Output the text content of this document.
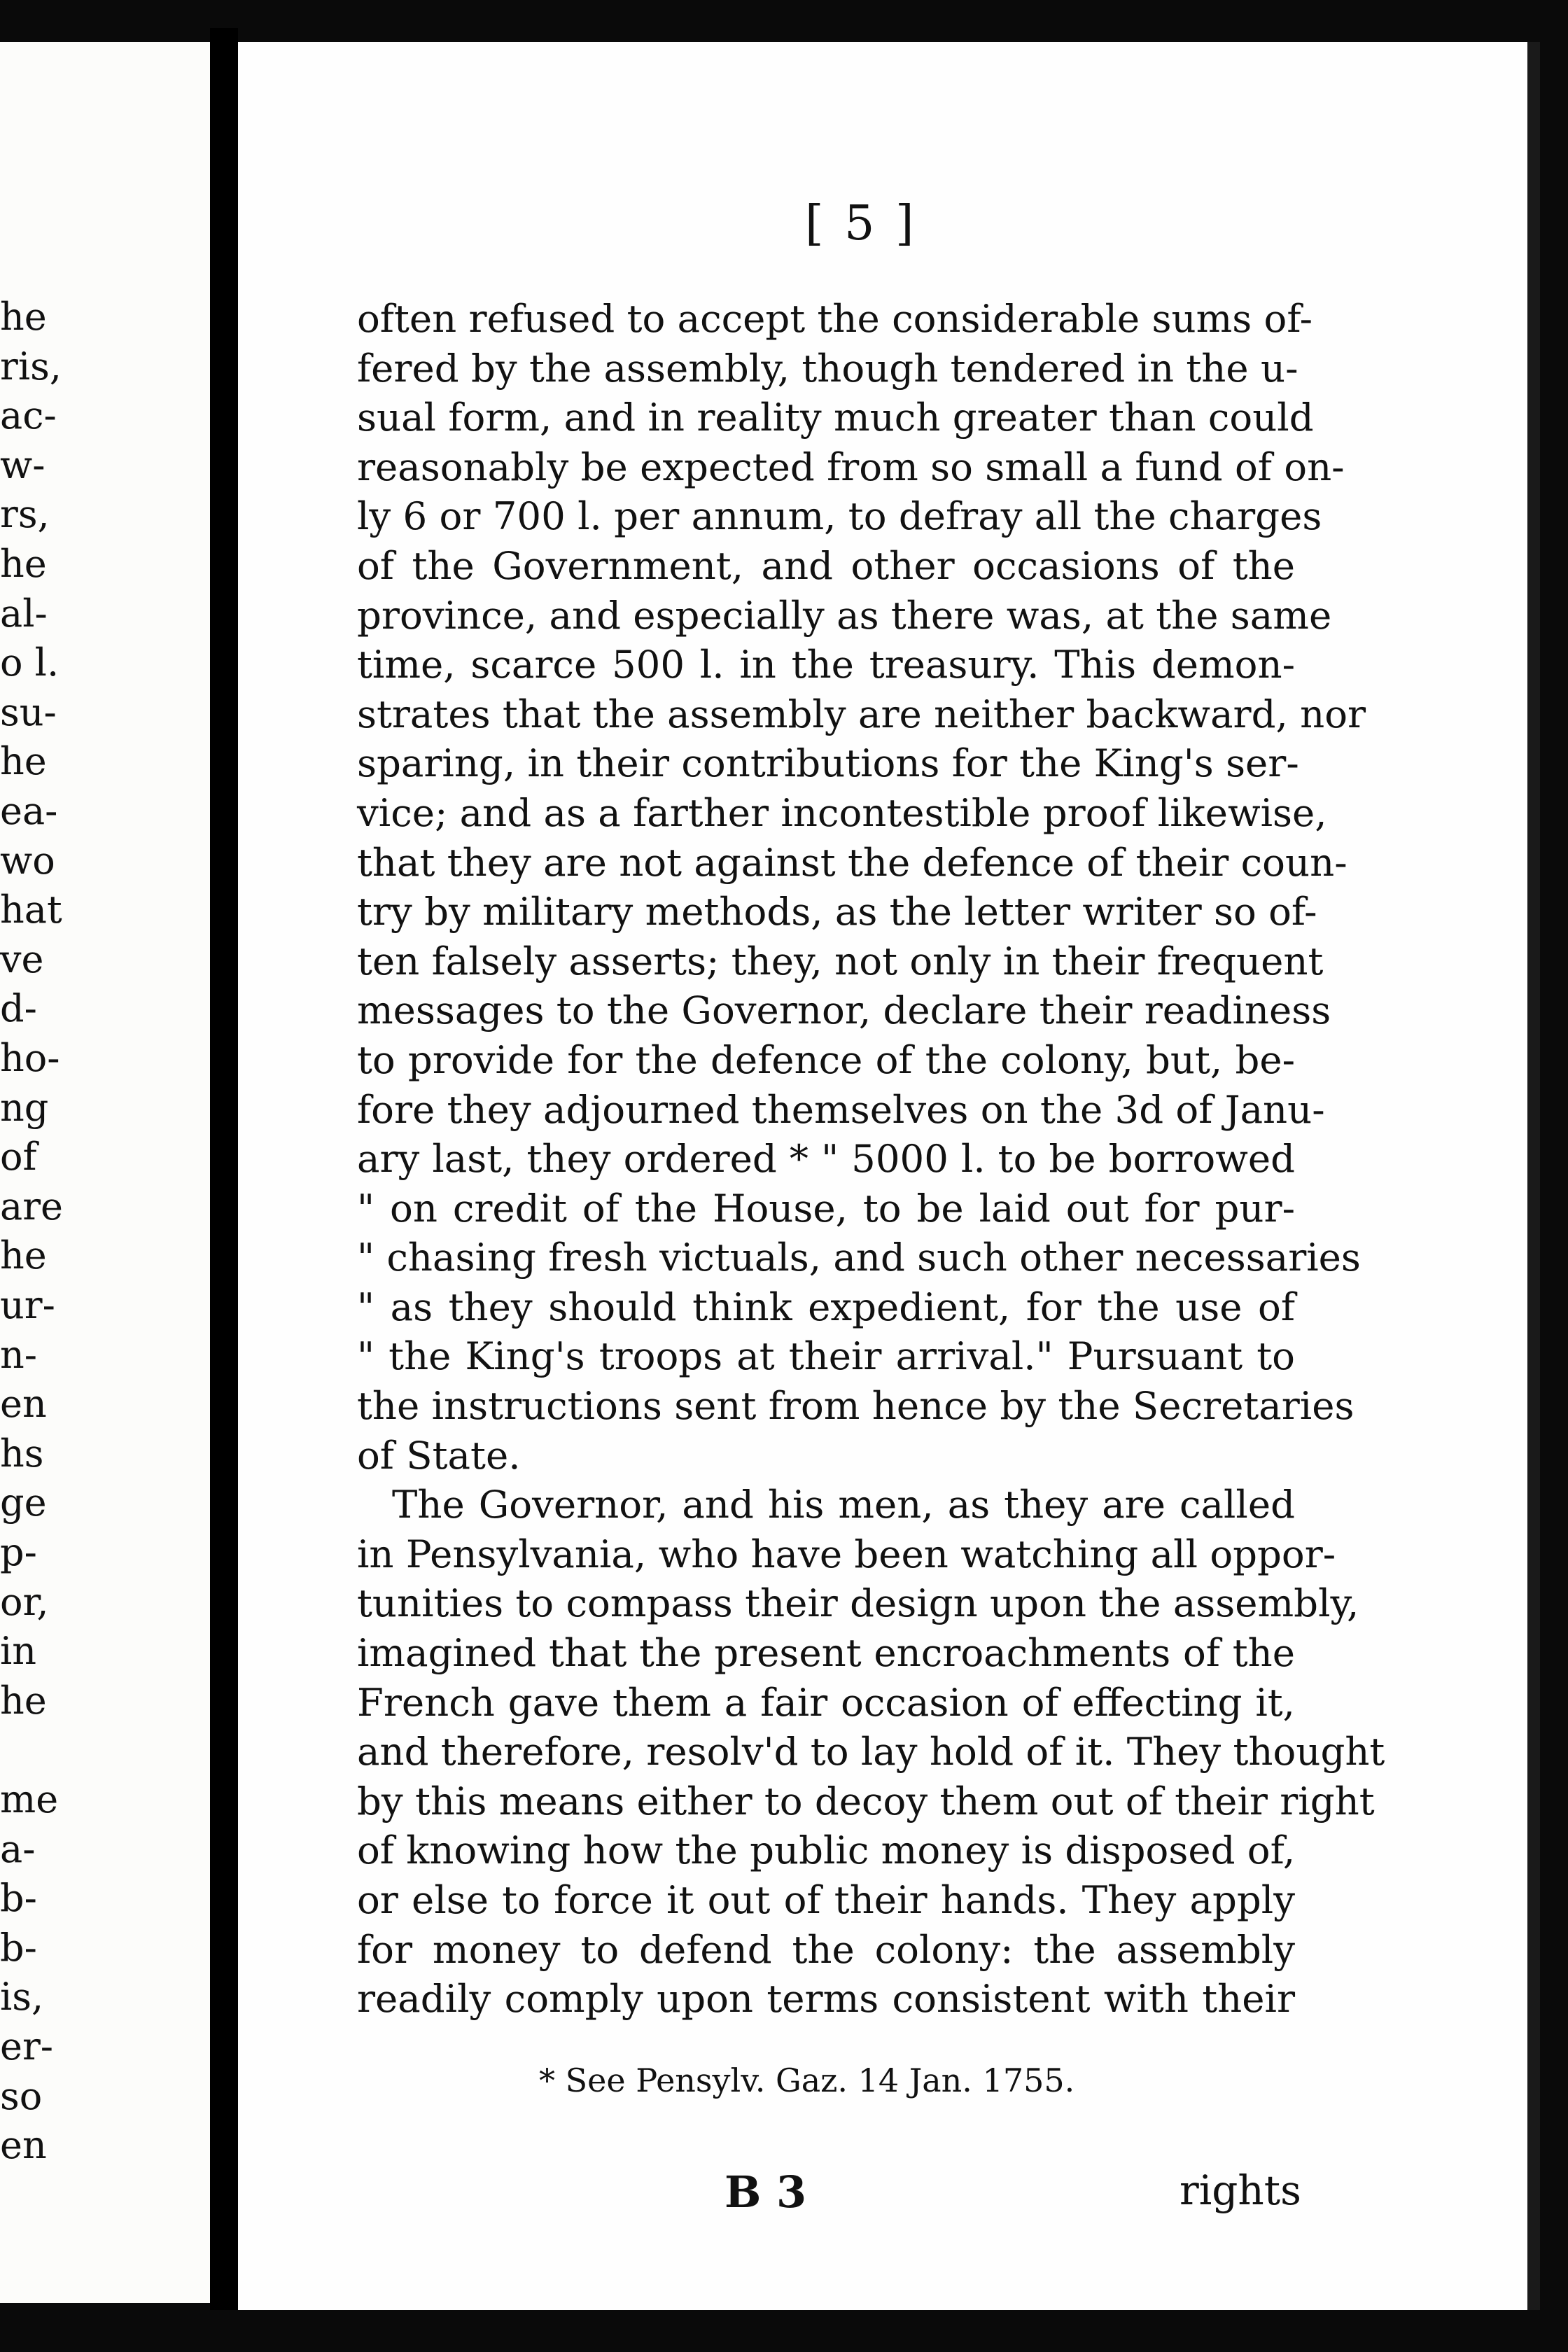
he
ris,
ac-
w-
rs,
he
al-
o l.
su-
he
ea-
wo
hat
ve
d-
ho-
ng
of
are
he
ur-
n-
en
hs
ge
p-
or,
in
he
me
a-
b-
b-
is,
er-
so
en
[ 5 ]
often refused to accept the considerable sums of-
fered by the assembly, though tendered in the u-
sual form, and in reality much greater than could
reasonably be expected from so small a fund of on-
ly 6 or 700 l. per annum, to defray all the charges
of the Government, and other occasions of the
province, and especially as there was, at the same
time, scarce 500 l. in the treasury. This demon-
strates that the assembly are neither backward, nor
sparing, in their contributions for the King's ser-
vice; and as a farther incontestible proof likewise,
that they are not against the defence of their coun-
try by military methods, as the letter writer so of-
ten falsely asserts; they, not only in their frequent
messages to the Governor, declare their readiness
to provide for the defence of the colony, but, be-
fore they adjourned themselves on the 3d of Janu-
ary last, they ordered * " 5000 l. to be borrowed
" on credit of the House, to be laid out for pur-
" chasing fresh victuals, and such other necessaries
" as they should think expedient, for the use of
" the King's troops at their arrival." Pursuant to
the instructions sent from hence by the Secretaries
of State.
The Governor, and his men, as they are called
in Pensylvania, who have been watching all oppor-
tunities to compass their design upon the assembly,
imagined that the present encroachments of the
French gave them a fair occasion of effecting it,
and therefore, resolv'd to lay hold of it. They thought
by this means either to decoy them out of their right
of knowing how the public money is disposed of,
or else to force it out of their hands. They apply
for money to defend the colony: the assembly
readily comply upon terms consistent with their
* See Pensylv. Gaz. 14 Jan. 1755.
B 3	rights
